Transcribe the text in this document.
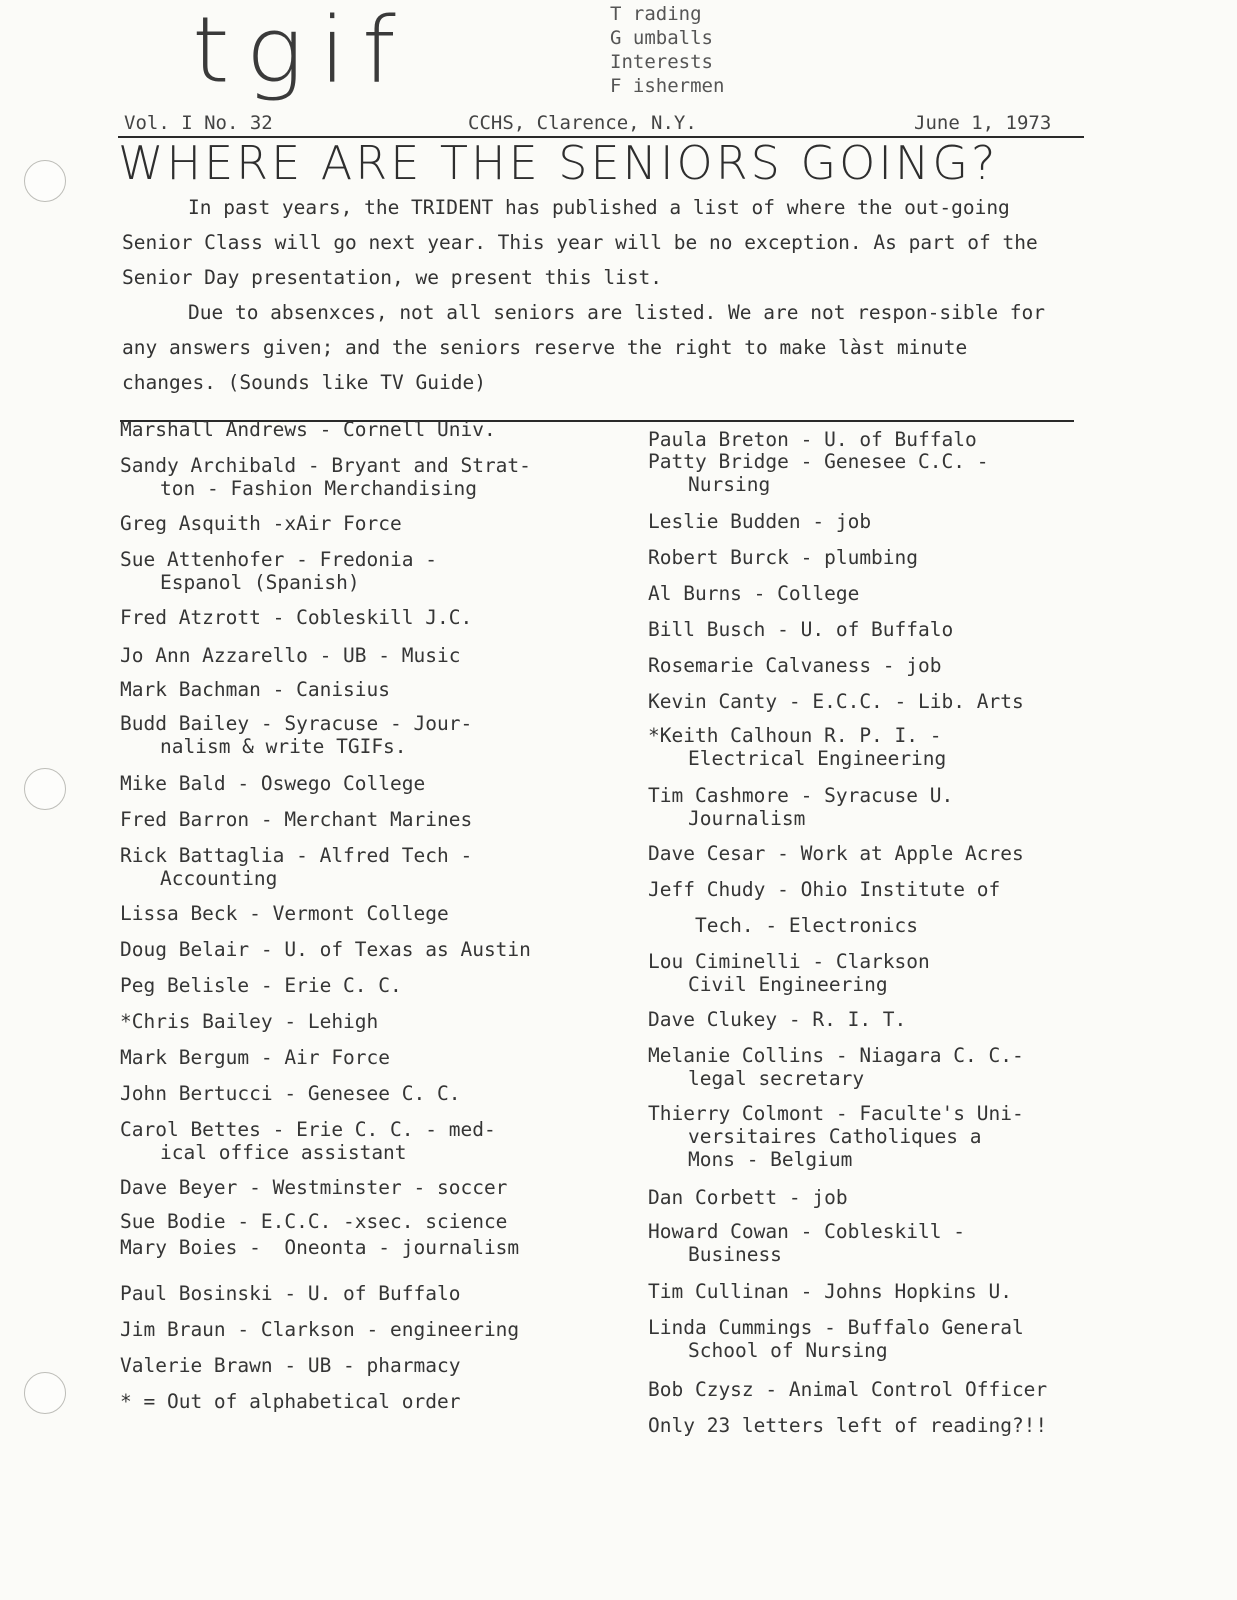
tgif	T rading
G umballs
Interests
F ishermen
Vol. I No. 32	CCHS, Clarence, N.Y.	June 1, 1973
WHERE ARE THE SENIORS GOING?

In past years, the TRIDENT has published a list of where the out-going Senior Class will go next year. This year will be no exception. As part of the Senior Day presentation, we present this list.

Due to absenxces, not all seniors are listed. We are not respon-sible for any answers given; and the seniors reserve the right to make làst minute changes. (Sounds like TV Guide)

Marshall Andrews - Cornell Univ.
Sandy Archibald - Bryant and Strat-
ton - Fashion Merchandising
Greg Asquith -xAir Force
Sue Attenhofer - Fredonia -
Espanol (Spanish)
Fred Atzrott - Cobleskill J.C.
Jo Ann Azzarello - UB - Music
Mark Bachman - Canisius
Budd Bailey - Syracuse - Jour-
nalism & write TGIFs.
Mike Bald - Oswego College
Fred Barron - Merchant Marines
Rick Battaglia - Alfred Tech -
Accounting
Lissa Beck - Vermont College
Doug Belair - U. of Texas as Austin
Peg Belisle - Erie C. C.
*Chris Bailey - Lehigh
Mark Bergum - Air Force
John Bertucci - Genesee C. C.
Carol Bettes - Erie C. C. - med-
ical office assistant
Dave Beyer - Westminster - soccer
Sue Bodie - E.C.C. -xsec. science
Mary Boies -  Oneonta - journalism
Paul Bosinski - U. of Buffalo
Jim Braun - Clarkson - engineering
Valerie Brawn - UB - pharmacy
* = Out of alphabetical order
Paula Breton - U. of Buffalo
Patty Bridge - Genesee C.C. -
Nursing
Leslie Budden - job
Robert Burck - plumbing
Al Burns - College
Bill Busch - U. of Buffalo
Rosemarie Calvaness - job
Kevin Canty - E.C.C. - Lib. Arts
*Keith Calhoun R. P. I. -
Electrical Engineering
Tim Cashmore - Syracuse U.
Journalism
Dave Cesar - Work at Apple Acres
Jeff Chudy - Ohio Institute of
Tech. - Electronics
Lou Ciminelli - Clarkson
Civil Engineering
Dave Clukey - R. I. T.
Melanie Collins - Niagara C. C.-
legal secretary
Thierry Colmont - Faculte's Uni-
versitaires Catholiques a
Mons - Belgium
Dan Corbett - job
Howard Cowan - Cobleskill -
Business
Tim Cullinan - Johns Hopkins U.
Linda Cummings - Buffalo General
School of Nursing
Bob Czysz - Animal Control Officer
Only 23 letters left of reading?!!
